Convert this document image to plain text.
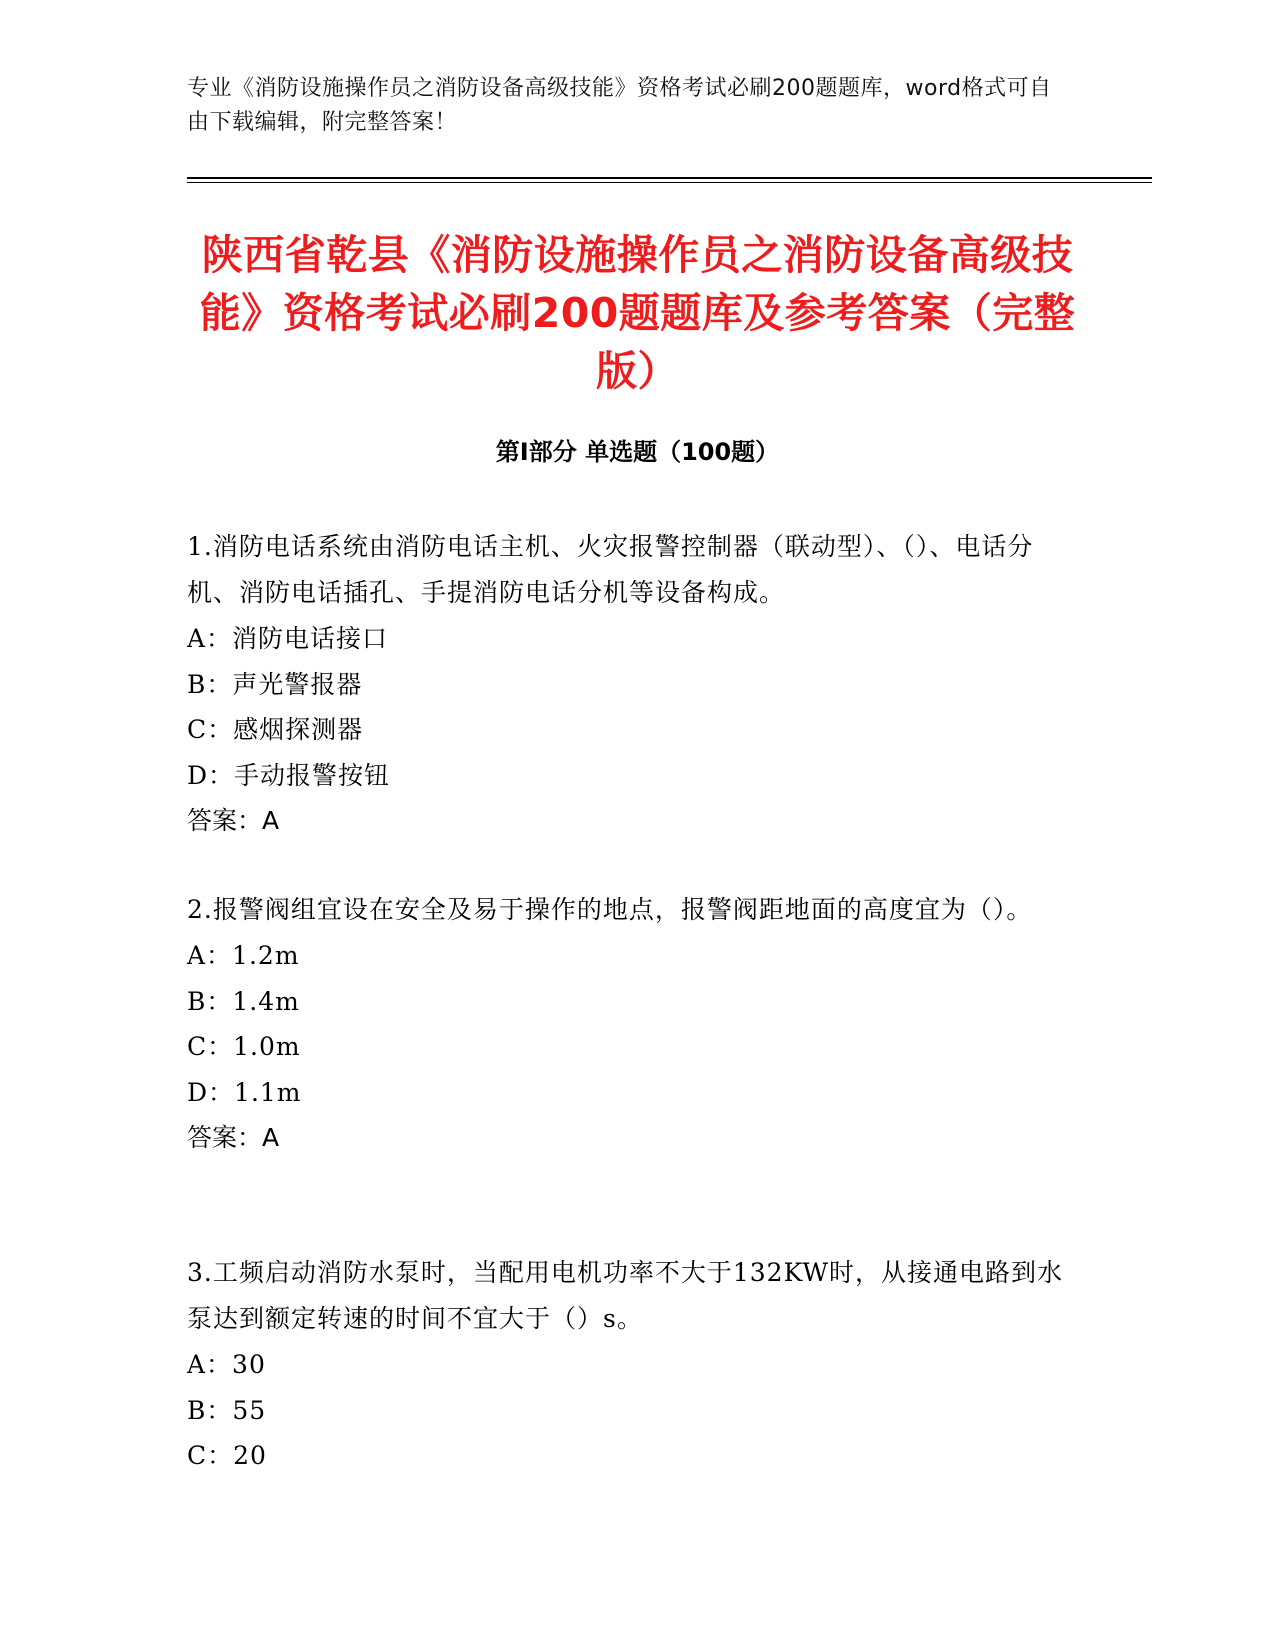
专业《消防设施操作员之消防设备高级技能》资格考试必刷200题题库，word格式可自由下载编辑，附完整答案！
陕西省乾县《消防设施操作员之消防设备高级技能》资格考试必刷200题题库及参考答案（完整版）
第I部分 单选题（100题）

1.消防电话系统由消防电话主机、火灾报警控制器（联动型）、（）、电话分机、消防电话插孔、手提消防电话分机等设备构成。

A：消防电话接口

B：声光警报器

C：感烟探测器

D：手动报警按钮

答案：A

2.报警阀组宜设在安全及易于操作的地点，报警阀距地面的高度宜为（）。

A：1.2m

B：1.4m

C：1.0m

D：1.1m

答案：A

3.工频启动消防水泵时，当配用电机功率不大于132KW时，从接通电路到水泵达到额定转速的时间不宜大于（）s。

A：30

B：55

C：20
